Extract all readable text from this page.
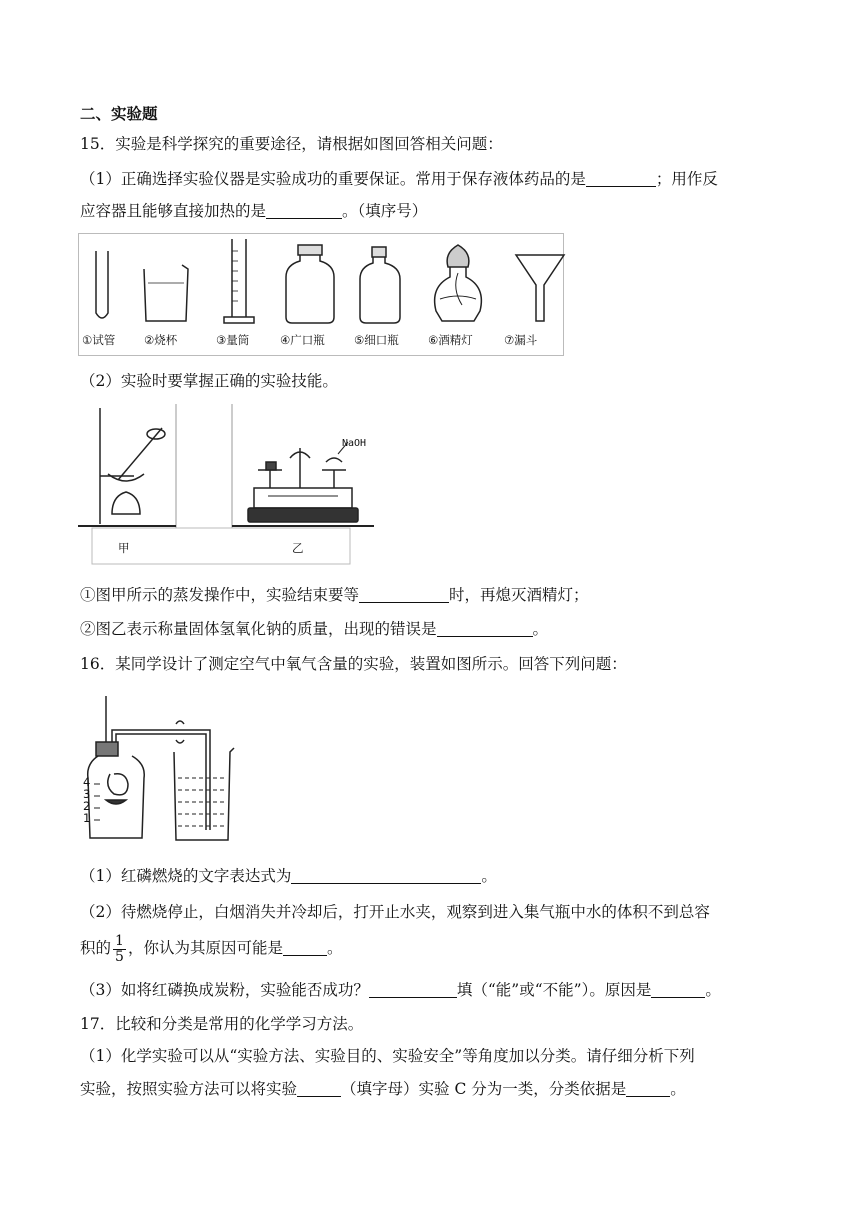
二、实验题
15．实验是科学探究的重要途径，请根据如图回答相关问题：
（1）正确选择实验仪器是实验成功的重要保证。常用于保存液体药品的是	；用作反
应容器且能够直接加热的是	。（填序号）
①试管 ②烧杯	③量筒	④广口瓶	⑤细口瓶	⑥酒精灯	⑦漏斗
（2）实验时要掌握正确的实验技能。
NaOH
甲	乙
①图甲所示的蒸发操作中，实验结束要等	时，再熄灭酒精灯；
②图乙表示称量固体氢氧化钠的质量，出现的错误是	。
16．某同学设计了测定空气中氧气含量的实验，装置如图所示。回答下列问题：
4
3
2
1
（1）红磷燃烧的文字表达式为	。
（2）待燃烧停止，白烟消失并冷却后，打开止水夹，观察到进入集气瓶中水的体积不到总容
积的 $\frac{1}{5}$ ，你认为其原因可能是	。
（3）如将红磷换成炭粉，实验能否成功？	填（“能”或“不能”）。原因是	。
17．比较和分类是常用的化学学习方法。
（1）化学实验可以从“实验方法、实验目的、实验安全”等角度加以分类。请仔细分析下列
实验，按照实验方法可以将实验	（填字母）实验 C 分为一类，分类依据是	。
